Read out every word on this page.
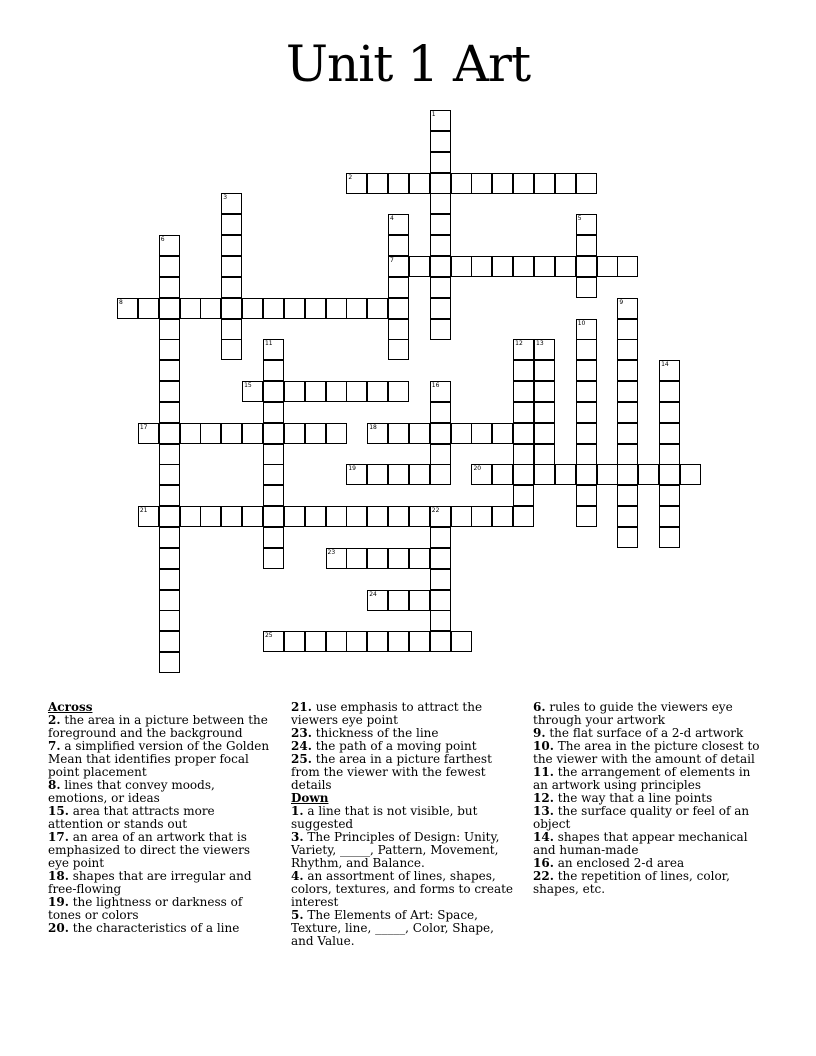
Unit 1 Art
1
2
3
4
7
5
6
8	9
10
11	12 13
14
15	16
17	18
19	20
21	22
23
24
25

Across

2. the area in a picture between the foreground and the background

7. a simplified version of the Golden Mean that identifies proper focal point placement

8. lines that convey moods, emotions, or ideas

15. area that attracts more attention or stands out

17. an area of an artwork that is emphasized to direct the viewers eye point

18. shapes that are irregular and free-flowing

19. the lightness or darkness of tones or colors

20. the characteristics of a line

21. use emphasis to attract the viewers eye point

23. thickness of the line

24. the path of a moving point

25. the area in a picture farthest from the viewer with the fewest details

Down

1. a line that is not visible, but suggested

3. The Principles of Design: Unity, Variety, _____, Pattern, Movement, Rhythm, and Balance.

4. an assortment of lines, shapes, colors, textures, and forms to create interest

5. The Elements of Art: Space, Texture, line, _____, Color, Shape, and Value.

6. rules to guide the viewers eye through your artwork

9. the flat surface of a 2-d artwork

10. The area in the picture closest to the viewer with the amount of detail

11. the arrangement of elements in an artwork using principles

12. the way that a line points

13. the surface quality or feel of an object

14. shapes that appear mechanical and human-made

16. an enclosed 2-d area

22. the repetition of lines, color, shapes, etc.
